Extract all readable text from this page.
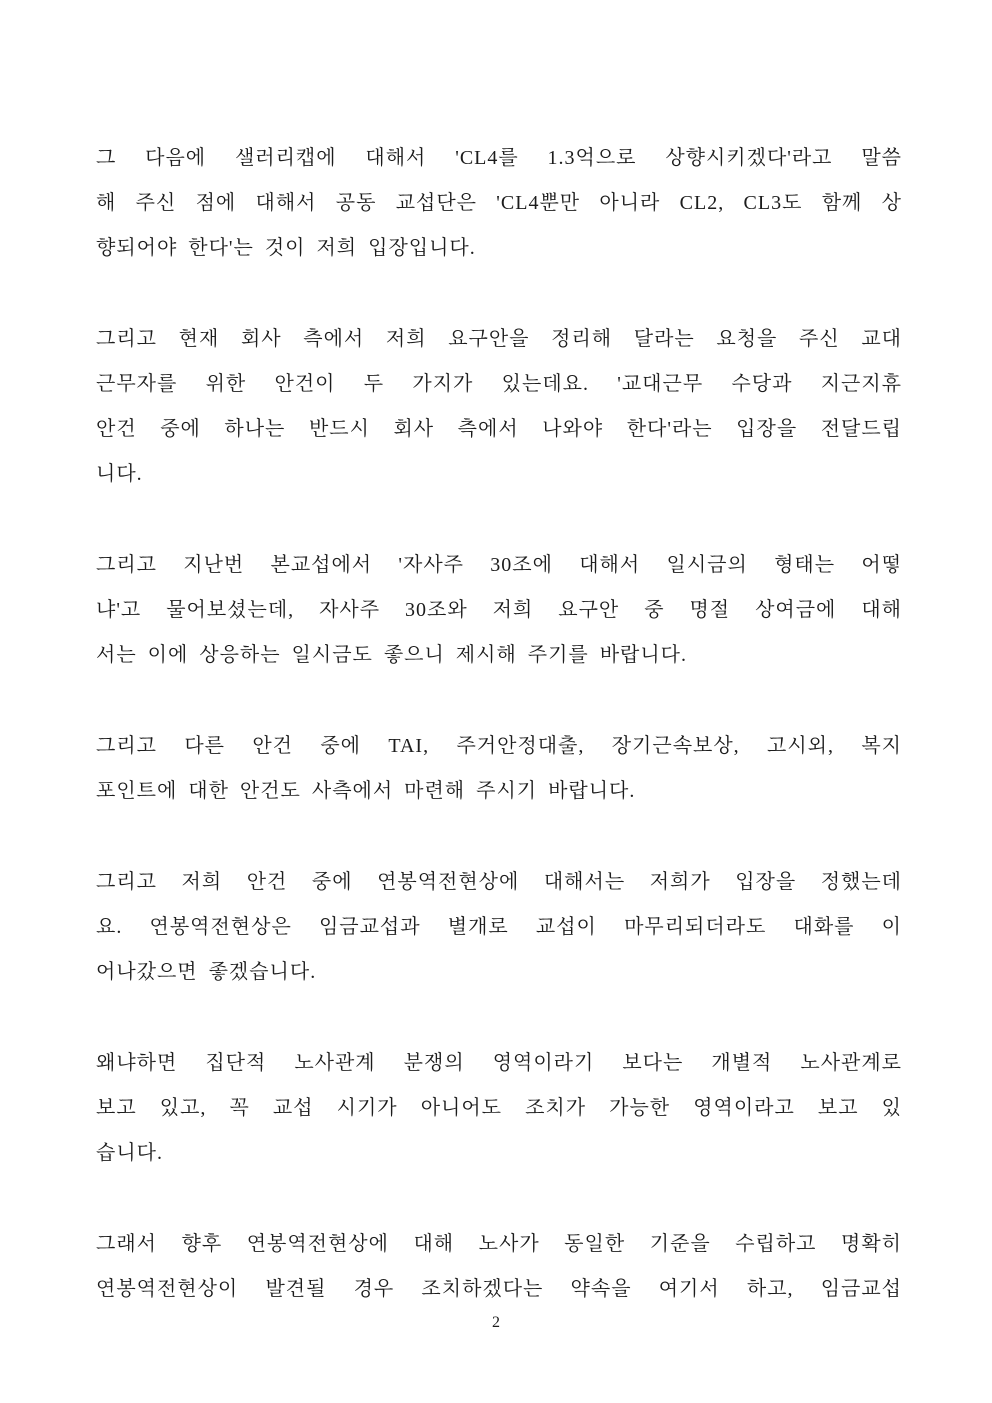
그 다음에 샐러리캡에 대해서 'CL4를 1.3억으로 상향시키겠다'라고 말씀
해 주신 점에 대해서 공동 교섭단은 'CL4뿐만 아니라 CL2, CL3도 함께 상
향되어야 한다'는 것이 저희 입장입니다.
그리고 현재 회사 측에서 저희 요구안을 정리해 달라는 요청을 주신 교대
근무자를 위한 안건이 두 가지가 있는데요. '교대근무 수당과 지근지휴
안건 중에 하나는 반드시 회사 측에서 나와야 한다'라는 입장을 전달드립
니다.
그리고 지난번 본교섭에서 '자사주 30조에 대해서 일시금의 형태는 어떻
냐'고 물어보셨는데, 자사주 30조와 저희 요구안 중 명절 상여금에 대해
서는 이에 상응하는 일시금도 좋으니 제시해 주기를 바랍니다.
그리고 다른 안건 중에 TAI, 주거안정대출, 장기근속보상, 고시외, 복지
포인트에 대한 안건도 사측에서 마련해 주시기 바랍니다.
그리고 저희 안건 중에 연봉역전현상에 대해서는 저희가 입장을 정했는데
요. 연봉역전현상은 임금교섭과 별개로 교섭이 마무리되더라도 대화를 이
어나갔으면 좋겠습니다.
왜냐하면 집단적 노사관계 분쟁의 영역이라기 보다는 개별적 노사관계로
보고 있고, 꼭 교섭 시기가 아니어도 조치가 가능한 영역이라고 보고 있
습니다.
그래서 향후 연봉역전현상에 대해 노사가 동일한 기준을 수립하고 명확히
연봉역전현상이 발견될 경우 조치하겠다는 약속을 여기서 하고, 임금교섭
2
